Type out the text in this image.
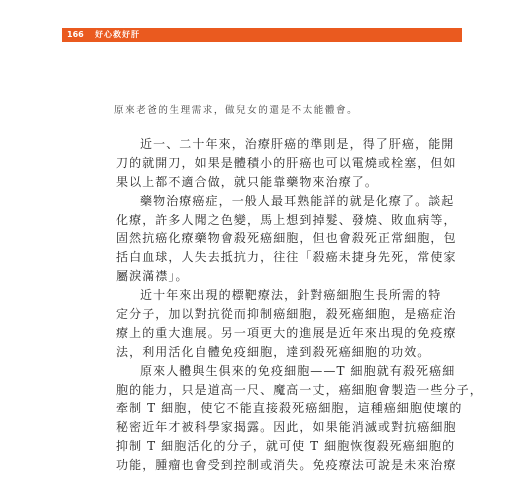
166 好心救好肝
原來老爸的生理需求，做兒女的還是不太能體會。
近一、二十年來，治療肝癌的準則是，得了肝癌，能開
刀的就開刀，如果是體積小的肝癌也可以電燒或栓塞，但如
果以上都不適合做，就只能靠藥物來治療了。
藥物治療癌症，一般人最耳熟能詳的就是化療了。談起
化療，許多人聞之色變，馬上想到掉髮、發燒、敗血病等，
固然抗癌化療藥物會殺死癌細胞，但也會殺死正常細胞，包
括白血球，人失去抵抗力，往往「殺癌未捷身先死，常使家
屬淚滿襟」。
近十年來出現的標靶療法，針對癌細胞生長所需的特
定分子，加以對抗從而抑制癌細胞，殺死癌細胞，是癌症治
療上的重大進展。另一項更大的進展是近年來出現的免疫療
法，利用活化自體免疫細胞，達到殺死癌細胞的功效。
原來人體與生俱來的免疫細胞——T 細胞就有殺死癌細
胞的能力，只是道高一尺、魔高一丈，癌細胞會製造一些分子，
牽制 T 細胞，使它不能直接殺死癌細胞，這種癌細胞使壞的
秘密近年才被科學家揭露。因此，如果能消滅或對抗癌細胞
抑制 T 細胞活化的分子，就可使 T 細胞恢復殺死癌細胞的
功能，腫瘤也會受到控制或消失。免疫療法可說是未來治療
